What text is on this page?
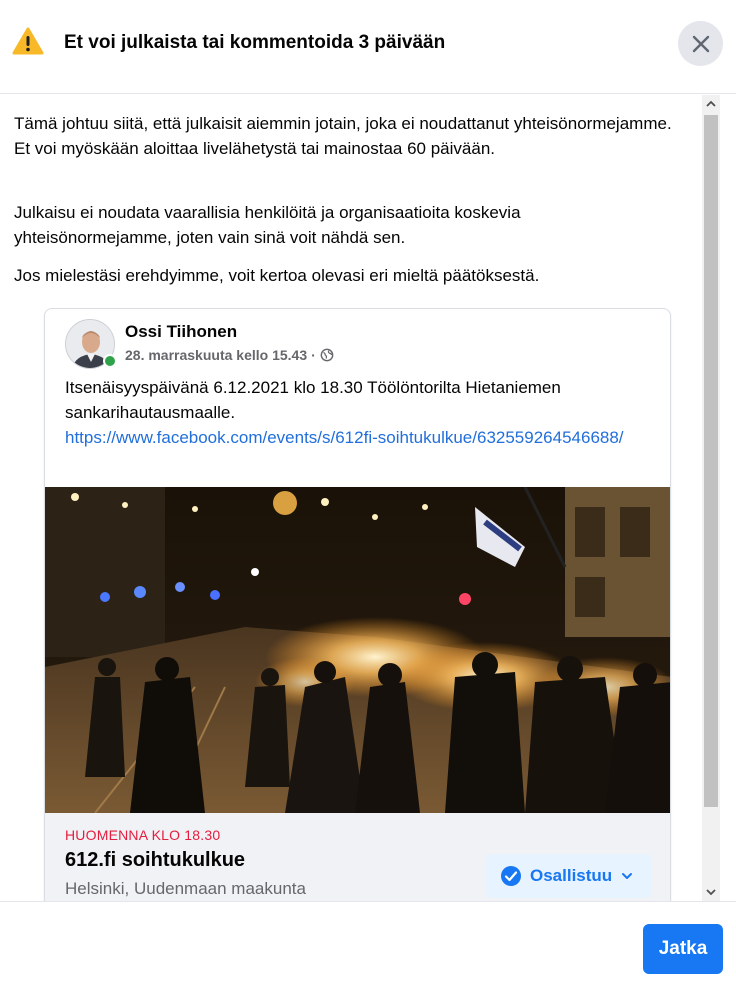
Et voi julkaista tai kommentoida 3 päivään

Tämä johtuu siitä, että julkaisit aiemmin jotain, joka ei noudattanut yhteisönormejamme. Et voi myöskään aloittaa livelähetystä tai mainostaa 60 päivään.

Julkaisu ei noudata vaarallisia henkilöitä ja organisaatioita koskevia yhteisönormejamme, joten vain sinä voit nähdä sen.

Jos mielestäsi erehdyimme, voit kertoa olevasi eri mieltä päätöksestä.

Ossi Tiihonen
28. marraskuuta kello 15.43 ·
Itsenäisyyspäivänä 6.12.2021 klo 18.30 Töölöntorilta Hietaniemen sankarihautausmaalle.
https://www.facebook.com/events/s/612fi-soihtukulkue/632559264546688/
HUOMENNA KLO 18.30
612.fi soihtukulkue
Helsinki, Uudenmaan maakunta
Osallistuu
Jatka
